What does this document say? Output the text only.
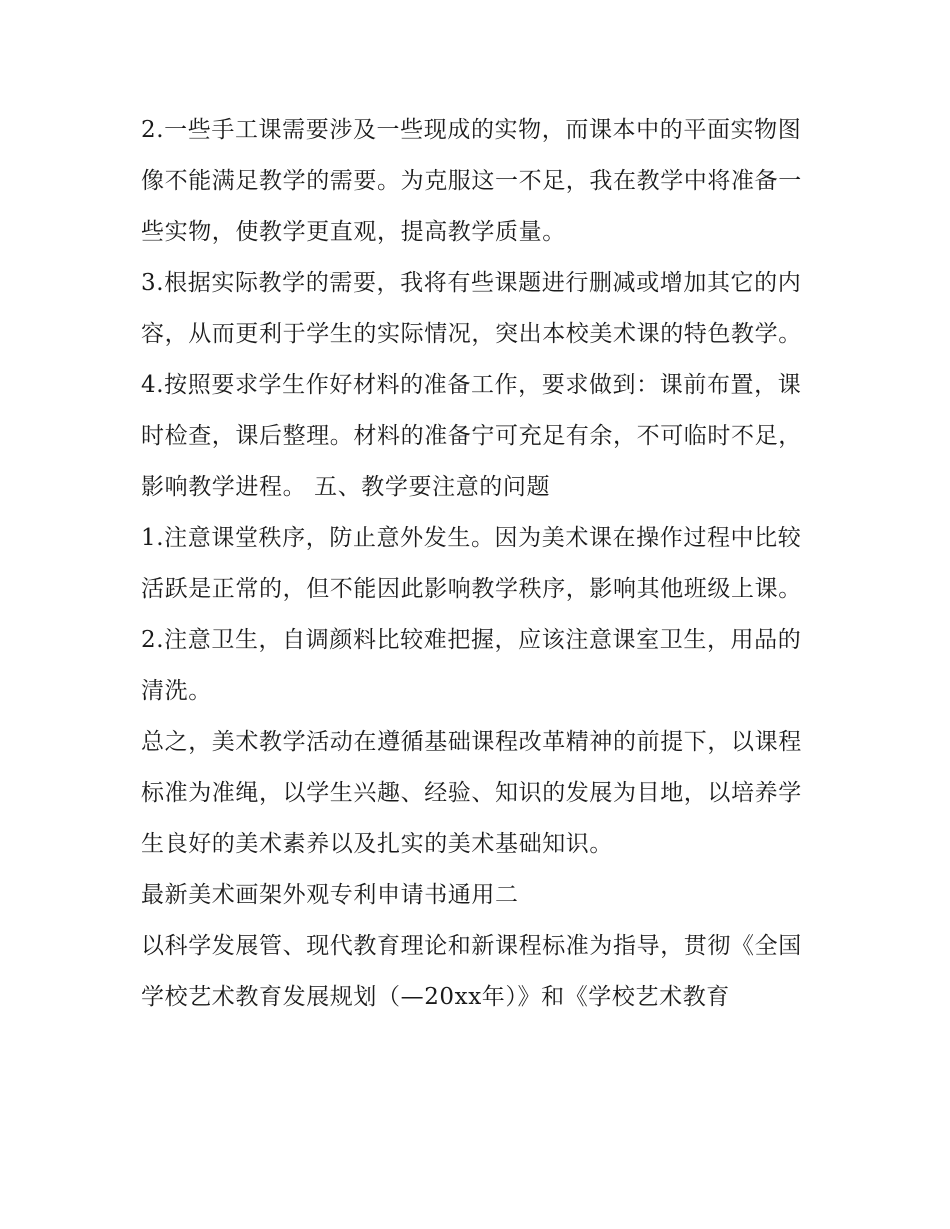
2.一些手工课需要涉及一些现成的实物，而课本中的平面实物图像不能满足教学的需要。为克服这一不足，我在教学中将准备一些实物，使教学更直观，提高教学质量。

3.根据实际教学的需要，我将有些课题进行删减或增加其它的内容，从而更利于学生的实际情况，突出本校美术课的特色教学。

4.按照要求学生作好材料的准备工作，要求做到：课前布置，课时检查，课后整理。材料的准备宁可充足有余，不可临时不足，影响教学进程。 五、教学要注意的问题

1.注意课堂秩序，防止意外发生。因为美术课在操作过程中比较活跃是正常的，但不能因此影响教学秩序，影响其他班级上课。

2.注意卫生，自调颜料比较难把握，应该注意课室卫生，用品的清洗。

总之，美术教学活动在遵循基础课程改革精神的前提下，以课程标准为准绳，以学生兴趣、经验、知识的发展为目地，以培养学生良好的美术素养以及扎实的美术基础知识。

最新美术画架外观专利申请书通用二

以科学发展管、现代教育理论和新课程标准为指导，贯彻《全国学校艺术教育发展规划（—20xx年）》和《学校艺术教育
